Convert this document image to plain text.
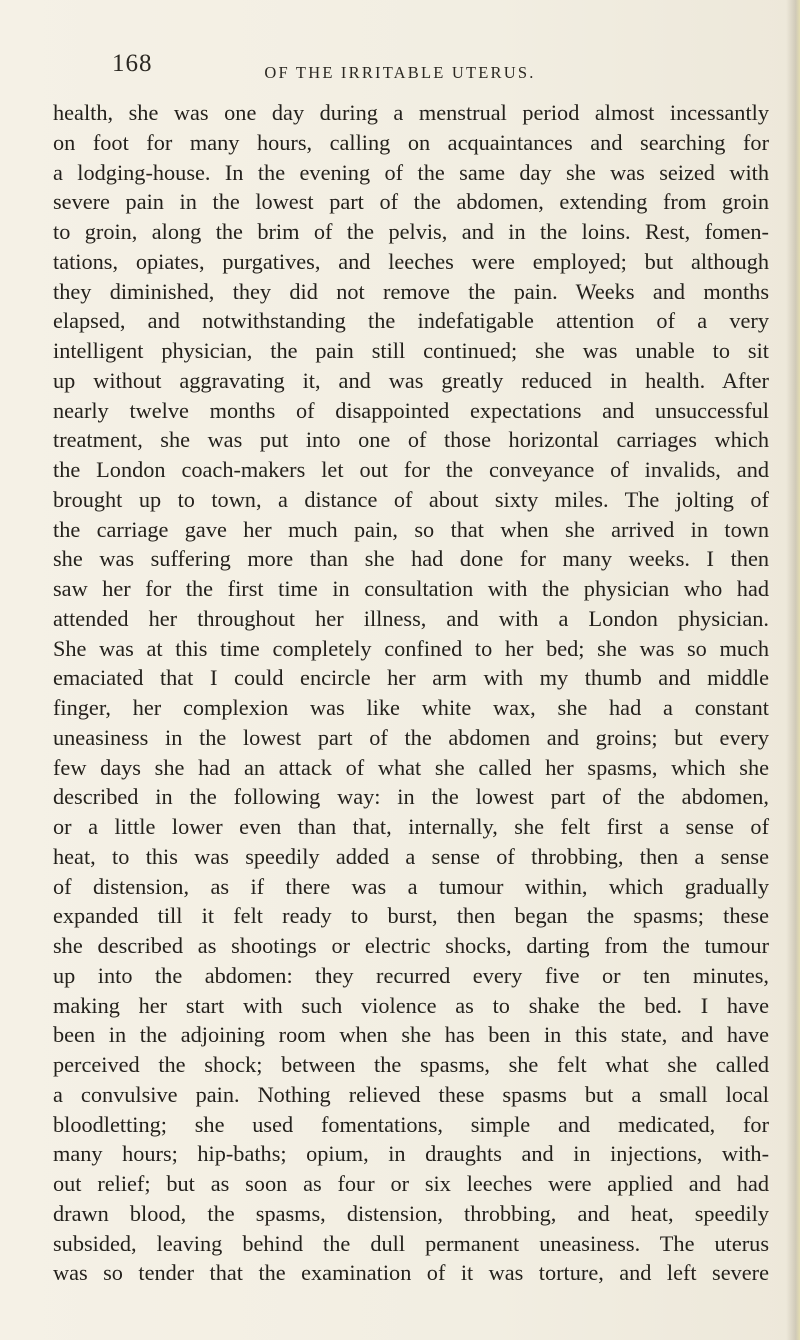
168	OF THE IRRITABLE UTERUS.
health, she was one day during a menstrual period almost incessantly
on foot for many hours, calling on acquaintances and searching for
a lodging-house. In the evening of the same day she was seized with
severe pain in the lowest part of the abdomen, extending from groin
to groin, along the brim of the pelvis, and in the loins. Rest, fomen-
tations, opiates, purgatives, and leeches were employed; but although
they diminished, they did not remove the pain. Weeks and months
elapsed, and notwithstanding the indefatigable attention of a very
intelligent physician, the pain still continued; she was unable to sit
up without aggravating it, and was greatly reduced in health. After
nearly twelve months of disappointed expectations and unsuccessful
treatment, she was put into one of those horizontal carriages which
the London coach-makers let out for the conveyance of invalids, and
brought up to town, a distance of about sixty miles. The jolting of
the carriage gave her much pain, so that when she arrived in town
she was suffering more than she had done for many weeks. I then
saw her for the first time in consultation with the physician who had
attended her throughout her illness, and with a London physician.
She was at this time completely confined to her bed; she was so much
emaciated that I could encircle her arm with my thumb and middle
finger, her complexion was like white wax, she had a constant
uneasiness in the lowest part of the abdomen and groins; but every
few days she had an attack of what she called her spasms, which she
described in the following way: in the lowest part of the abdomen,
or a little lower even than that, internally, she felt first a sense of
heat, to this was speedily added a sense of throbbing, then a sense
of distension, as if there was a tumour within, which gradually
expanded till it felt ready to burst, then began the spasms; these
she described as shootings or electric shocks, darting from the tumour
up into the abdomen: they recurred every five or ten minutes,
making her start with such violence as to shake the bed. I have
been in the adjoining room when she has been in this state, and have
perceived the shock; between the spasms, she felt what she called
a convulsive pain. Nothing relieved these spasms but a small local
bloodletting; she used fomentations, simple and medicated, for
many hours; hip-baths; opium, in draughts and in injections, with-
out relief; but as soon as four or six leeches were applied and had
drawn blood, the spasms, distension, throbbing, and heat, speedily
subsided, leaving behind the dull permanent uneasiness. The uterus
was so tender that the examination of it was torture, and left severe
